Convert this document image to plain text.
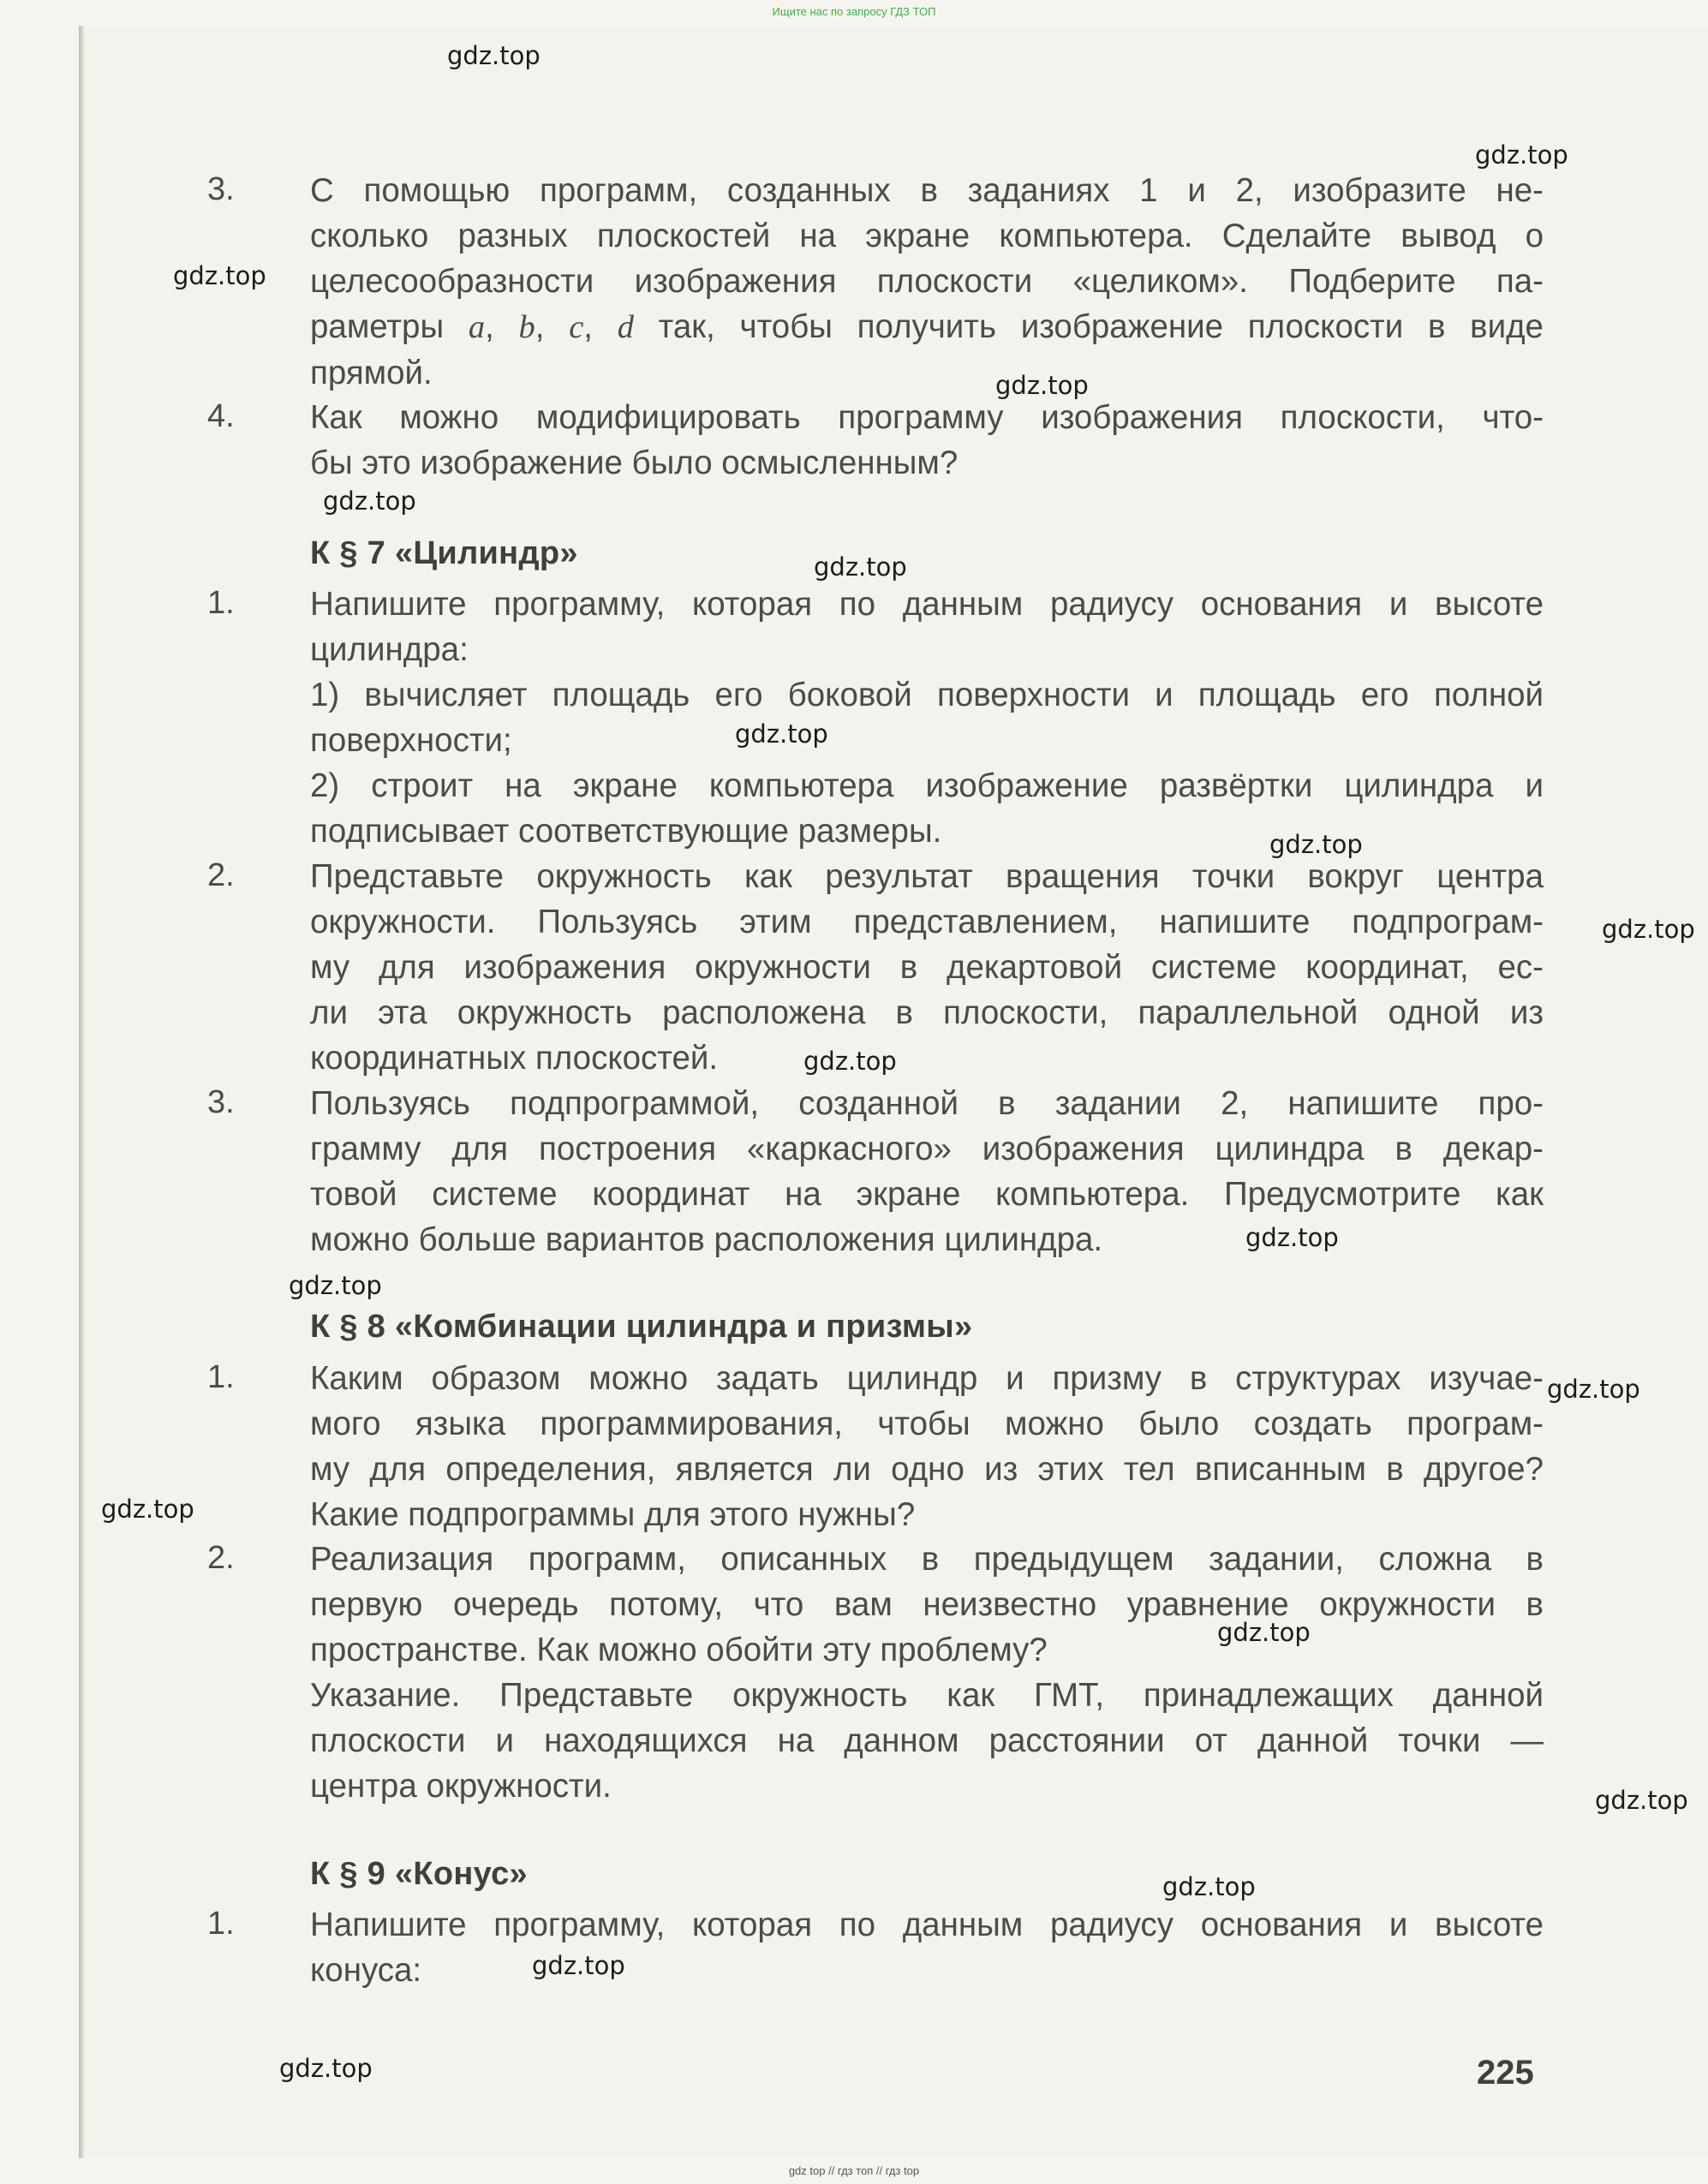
Ищите нас по запросу ГДЗ ТОП
3. С помощью программ, созданных в заданиях 1 и 2, изобразите не-
сколько разных плоскостей на экране компьютера. Сделайте вывод о
целесообразности изображения плоскости «целиком». Подберите па-
раметры a, b, c, d так, чтобы получить изображение плоскости в виде
прямой.
4. Как можно модифицировать программу изображения плоскости, что-
бы это изображение было осмысленным?
К § 7 «Цилиндр»
1. Напишите программу, которая по данным радиусу основания и высоте
цилиндра:
1) вычисляет площадь его боковой поверхности и площадь его полной
поверхности;
2) строит на экране компьютера изображение развёртки цилиндра и
подписывает соответствующие размеры.
2. Представьте окружность как результат вращения точки вокруг центра
окружности. Пользуясь этим представлением, напишите подпрограм-
му для изображения окружности в декартовой системе координат, ес-
ли эта окружность расположена в плоскости, параллельной одной из
координатных плоскостей.
3. Пользуясь подпрограммой, созданной в задании 2, напишите про-
грамму для построения «каркасного» изображения цилиндра в декар-
товой системе координат на экране компьютера. Предусмотрите как
можно больше вариантов расположения цилиндра.
К § 8 «Комбинации цилиндра и призмы»
1. Каким образом можно задать цилиндр и призму в структурах изучае-
мого языка программирования, чтобы можно было создать програм-
му для определения, является ли одно из этих тел вписанным в другое?
Какие подпрограммы для этого нужны?
2. Реализация программ, описанных в предыдущем задании, сложна в
первую очередь потому, что вам неизвестно уравнение окружности в
пространстве. Как можно обойти эту проблему?
Указание. Представьте окружность как ГМТ, принадлежащих данной
плоскости и находящихся на данном расстоянии от данной точки —
центра окружности.
К § 9 «Конус»
1. Напишите программу, которая по данным радиусу основания и высоте
конуса:
225
gdz.top
gdz.top
gdz.top
gdz.top
gdz.top
gdz.top
gdz.top
gdz.top
gdz.top
gdz.top
gdz.top
gdz.top
gdz.top
gdz.top
gdz.top
gdz.top
gdz.top
gdz.top
gdz.top
gdz top // гдз топ // гдз top
